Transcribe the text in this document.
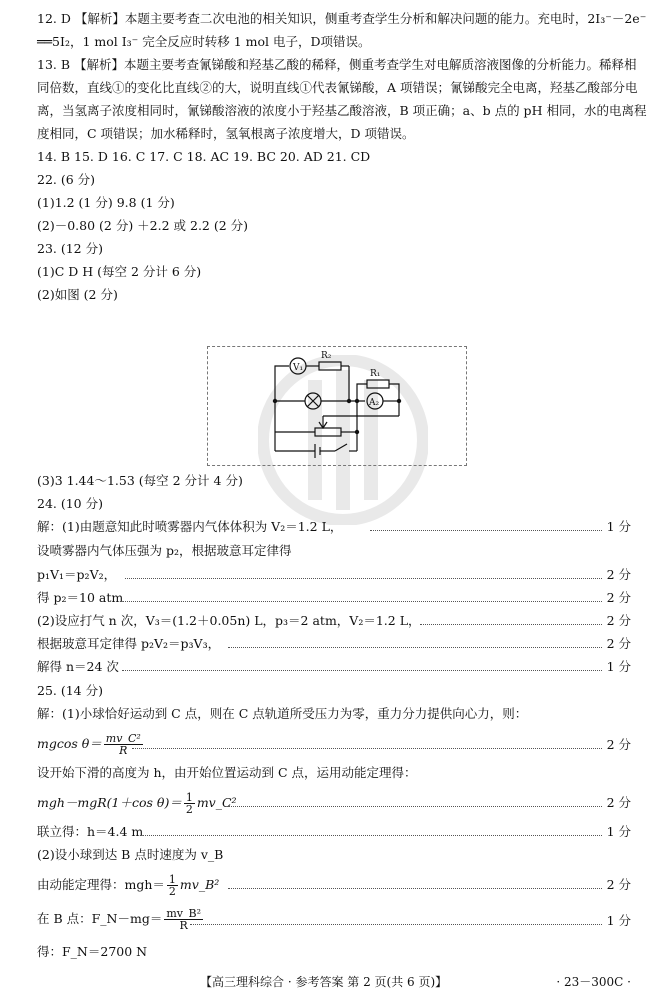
12. D 【解析】本题主要考查二次电池的相关知识，侧重考查学生分析和解决问题的能力。充电时，2I₃⁻－2e⁻
══5I₂，1 mol I₃⁻ 完全反应时转移 1 mol 电子，D项错误。
13. B 【解析】本题主要考查氰锑酸和羟基乙酸的稀释，侧重考查学生对电解质溶液图像的分析能力。稀释相
同倍数，直线①的变化比直线②的大，说明直线①代表氰锑酸，A 项错误；氰锑酸完全电离，羟基乙酸部分电
离，当氢离子浓度相同时，氰锑酸溶液的浓度小于羟基乙酸溶液，B 项正确；a、b 点的 pH 相同，水的电离程
度相同，C 项错误；加水稀释时，氢氧根离子浓度增大，D 项错误。
14. B 15. D 16. C 17. C 18. AC 19. BC 20. AD 21. CD
22. (6 分)
(1)1.2 (1 分) 9.8 (1 分)
(2)－0.80 (2 分) ＋2.2 或 2.2 (2 分)
23. (12 分)
(1)C D H (每空 2 分计 6 分)
(2)如图 (2 分)
V₁
R₂
R₁
A₂
(3)3 1.44～1.53 (每空 2 分计 4 分)
24. (10 分)
解：(1)由题意知此时喷雾器内气体体积为 V₂＝1.2 L，	1 分
设喷雾器内气体压强为 p₂，根据玻意耳定律得
p₁V₁＝p₂V₂，	2 分
得 p₂＝10 atm	2 分
(2)设应打气 n 次，V₃＝(1.2＋0.05n) L，p₃＝2 atm，V₂＝1.2 L，	2 分
根据玻意耳定律得 p₂V₂＝p₃V₃，	2 分
解得 n＝24 次	1 分
25. (14 分)
解：(1)小球恰好运动到 C 点，则在 C 点轨道所受压力为零，重力分力提供向心力，则：
mgcos $\theta= \frac{\text{mv\_C²}}{R}$	2 分
设开始下滑的高度为 h，由开始位置运动到 C 点，运用动能定理得：
mgh－mgR(1＋cos $\theta)= \frac{1}{2}$ mv_C²	2 分
联立得：h＝4.4 m	1 分
(2)设小球到达 B 点时速度为 v_B
由动能定理得：$mgh= \frac{1}{2}$ mv_B²	2 分
在 B 点：F_N－mg＝ $\frac{\text{mv\_B²}}{R}$	1 分
得：F_N＝2700 N
【高三理科综合 · 参考答案 第 2 页(共 6 页)】	· 23－300C ·
